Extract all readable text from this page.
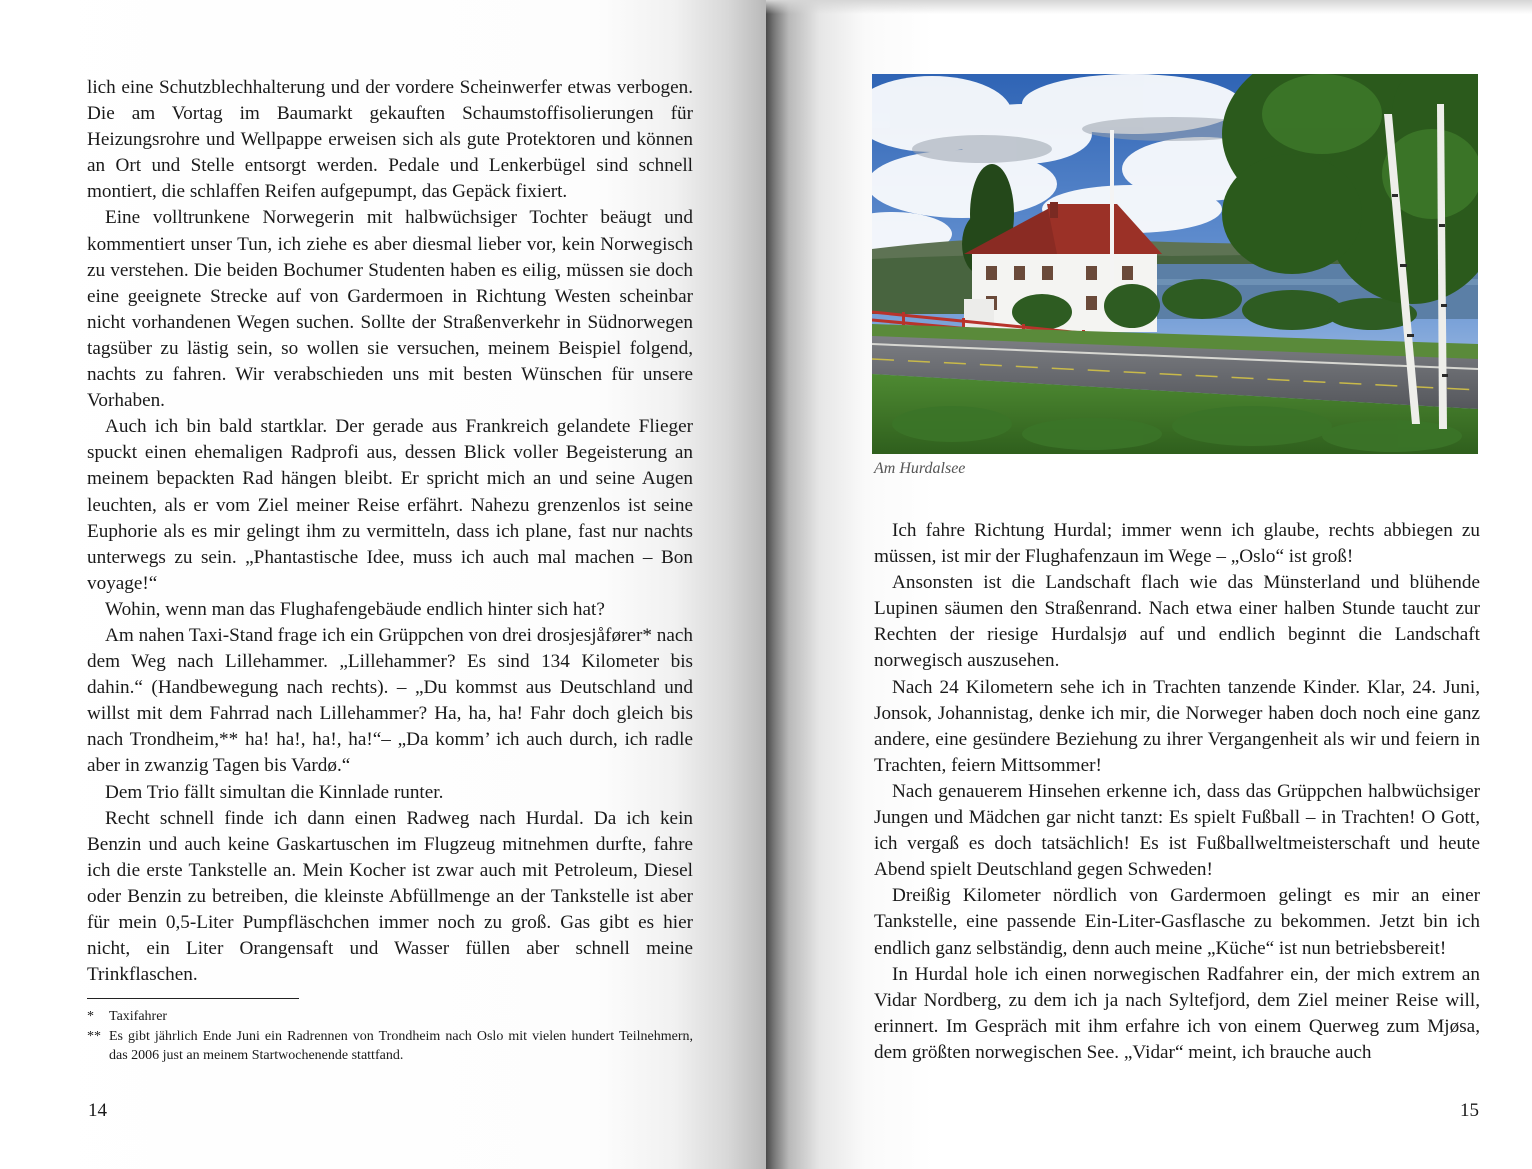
lich eine Schutzblechhalterung und der vordere Scheinwerfer etwas verbogen. Die am Vortag im Baumarkt gekauften Schaumstoffisolierungen für Heizungsrohre und Wellpappe erweisen sich als gute Protektoren und können an Ort und Stelle entsorgt werden. Pedale und Lenkerbügel sind schnell montiert, die schlaffen Reifen aufgepumpt, das Gepäck fixiert.

Eine volltrunkene Norwegerin mit halbwüchsiger Tochter beäugt und kommentiert unser Tun, ich ziehe es aber diesmal lieber vor, kein Norwegisch zu verstehen. Die beiden Bochumer Studenten haben es eilig, müssen sie doch eine geeignete Strecke auf von Gardermoen in Richtung Westen scheinbar nicht vorhandenen Wegen suchen. Sollte der Straßenverkehr in Südnorwegen tagsüber zu lästig sein, so wollen sie versuchen, meinem Beispiel folgend, nachts zu fahren. Wir verabschieden uns mit besten Wünschen für unsere Vorhaben.

Auch ich bin bald startklar. Der gerade aus Frankreich gelandete Flieger spuckt einen ehemaligen Radprofi aus, dessen Blick voller Begeisterung an meinem bepackten Rad hängen bleibt. Er spricht mich an und seine Augen leuchten, als er vom Ziel meiner Reise erfährt. Nahezu grenzenlos ist seine Euphorie als es mir gelingt ihm zu vermitteln, dass ich plane, fast nur nachts unterwegs zu sein. „Phantastische Idee, muss ich auch mal machen – Bon voyage!“

Wohin, wenn man das Flughafengebäude endlich hinter sich hat?

Am nahen Taxi-Stand frage ich ein Grüppchen von drei drosjesjåfører* nach dem Weg nach Lillehammer. „Lillehammer? Es sind 134 Kilometer bis dahin.“ (Handbewegung nach rechts). – „Du kommst aus Deutschland und willst mit dem Fahrrad nach Lillehammer? Ha, ha, ha! Fahr doch gleich bis nach Trondheim,** ha! ha!, ha!, ha!“– „Da komm’ ich auch durch, ich radle aber in zwanzig Tagen bis Vardø.“

Dem Trio fällt simultan die Kinnlade runter.

Recht schnell finde ich dann einen Radweg nach Hurdal. Da ich kein Benzin und auch keine Gaskartuschen im Flugzeug mitnehmen durfte, fahre ich die erste Tankstelle an. Mein Kocher ist zwar auch mit Petroleum, Diesel oder Benzin zu betreiben, die kleinste Abfüllmenge an der Tankstelle ist aber für mein 0,5-Liter Pumpfläschchen immer noch zu groß. Gas gibt es hier nicht, ein Liter Orangensaft und Wasser füllen aber schnell meine Trinkflaschen.

*	Taxifahrer
** Es gibt jährlich Ende Juni ein Radrennen von Trondheim nach Oslo mit vielen hundert Teilnehmern, das 2006 just an meinem Startwochenende stattfand.
14
Am Hurdalsee

Ich fahre Richtung Hurdal; immer wenn ich glaube, rechts abbiegen zu müssen, ist mir der Flughafenzaun im Wege – „Oslo“ ist groß!

Ansonsten ist die Landschaft flach wie das Münsterland und blühende Lupinen säumen den Straßenrand. Nach etwa einer halben Stunde taucht zur Rechten der riesige Hurdalsjø auf und endlich beginnt die Landschaft norwegisch auszusehen.

Nach 24 Kilometern sehe ich in Trachten tanzende Kinder. Klar, 24. Juni, Jonsok, Johannistag, denke ich mir, die Norweger haben doch noch eine ganz andere, eine gesündere Beziehung zu ihrer Vergangenheit als wir und feiern in Trachten, feiern Mittsommer!

Nach genauerem Hinsehen erkenne ich, dass das Grüppchen halbwüchsiger Jungen und Mädchen gar nicht tanzt: Es spielt Fußball – in Trachten! O Gott, ich vergaß es doch tatsächlich! Es ist Fußballweltmeisterschaft und heute Abend spielt Deutschland gegen Schweden!

Dreißig Kilometer nördlich von Gardermoen gelingt es mir an einer Tankstelle, eine passende Ein-Liter-Gasflasche zu bekommen. Jetzt bin ich endlich ganz selbständig, denn auch meine „Küche“ ist nun betriebsbereit!

In Hurdal hole ich einen norwegischen Radfahrer ein, der mich extrem an Vidar Nordberg, zu dem ich ja nach Syltefjord, dem Ziel meiner Reise will, erinnert. Im Gespräch mit ihm erfahre ich von einem Querweg zum Mjøsa, dem größten norwegischen See. „Vidar“ meint, ich brauche auch

15
